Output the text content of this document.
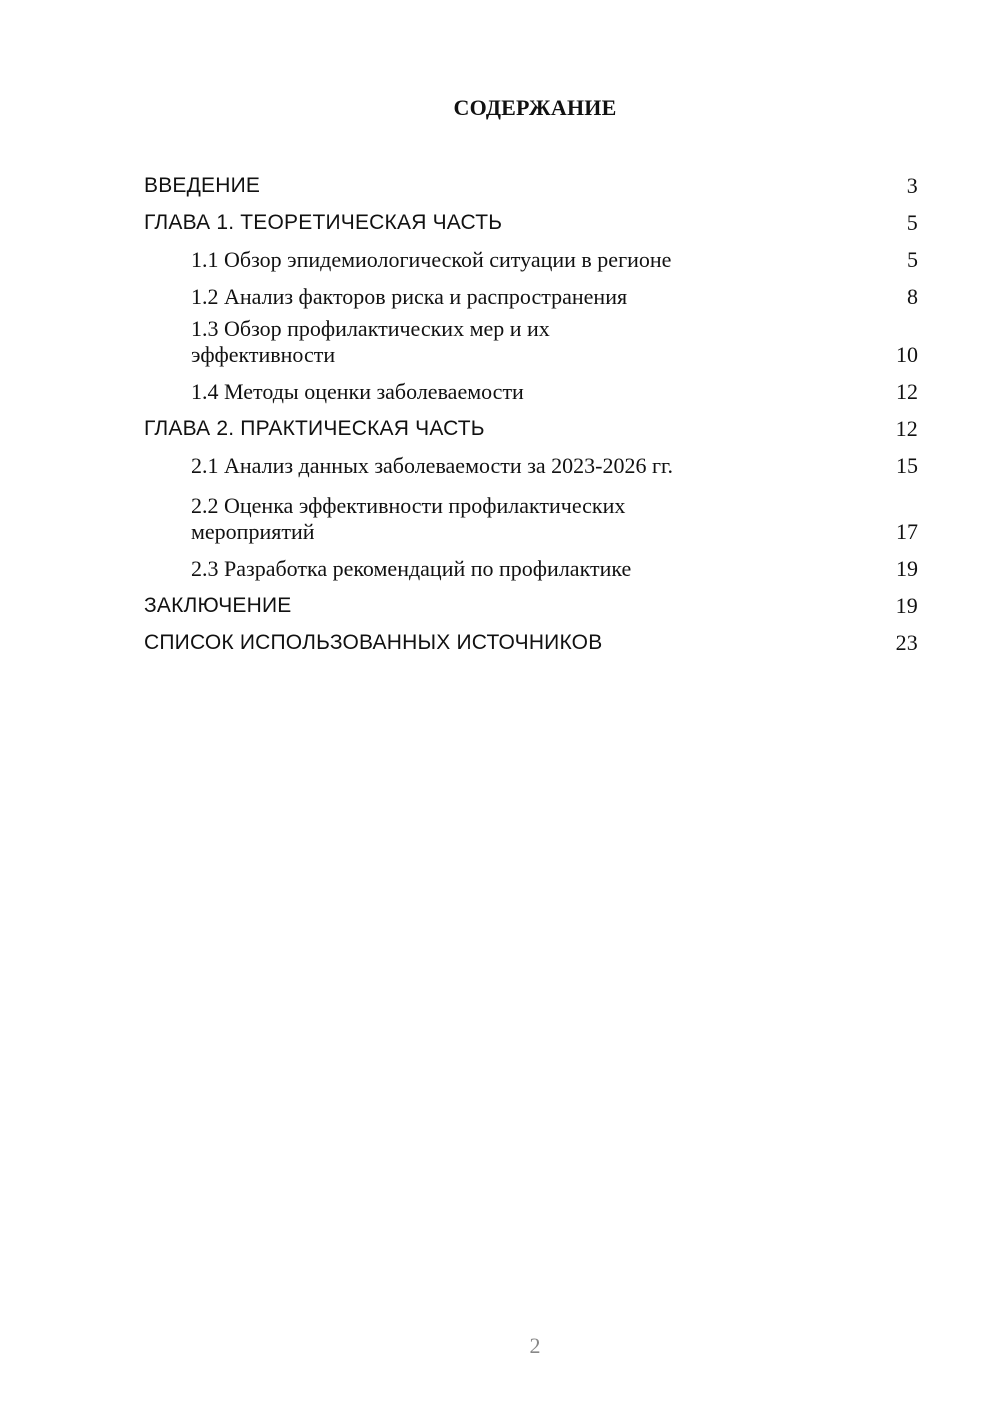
СОДЕРЖАНИЕ
ВВЕДЕНИЕ	3
ГЛАВА 1. ТЕОРЕТИЧЕСКАЯ ЧАСТЬ	5
1.1 Обзор эпидемиологической ситуации в регионе	5
1.2 Анализ факторов риска и распространения	8
1.3 Обзор профилактических мер и их эффективности	10
1.4 Методы оценки заболеваемости	12
ГЛАВА 2. ПРАКТИЧЕСКАЯ ЧАСТЬ	12
2.1 Анализ данных заболеваемости за 2023-2026 гг.	15
2.2 Оценка эффективности профилактических мероприятий	17
2.3 Разработка рекомендаций по профилактике	19
ЗАКЛЮЧЕНИЕ	19
СПИСОК ИСПОЛЬЗОВАННЫХ ИСТОЧНИКОВ	23
2
